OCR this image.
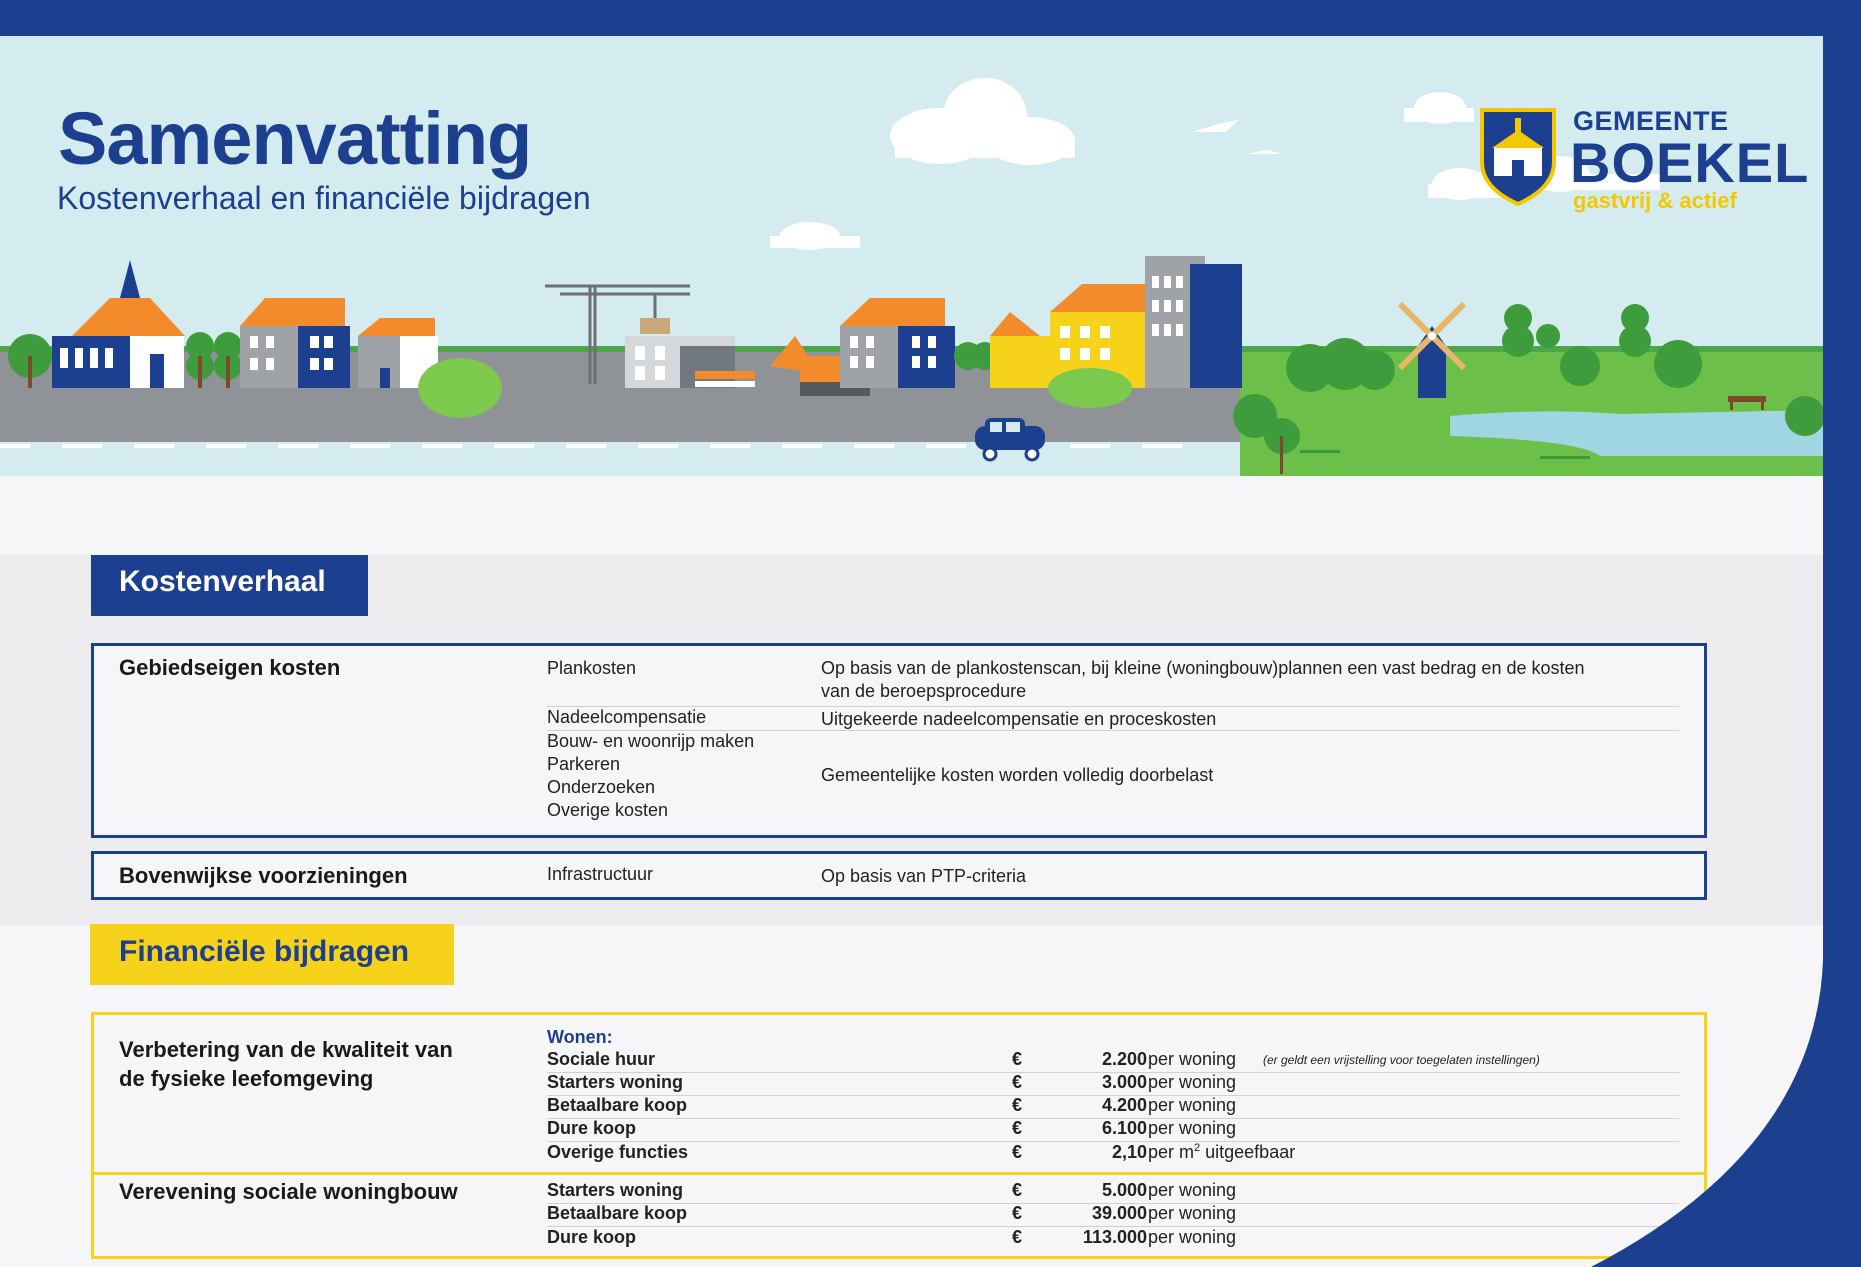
Samenvatting
Kostenverhaal en financiële bijdragen
GEMEENTE
BOEKEL
gastvrij & actief
Kostenverhaal
Gebiedseigen kosten	Plankosten	Op basis van de plankostenscan, bij kleine (woningbouw)plannen een vast bedrag en de kosten van de beroepsprocedure
Nadeelcompensatie	Uitgekeerde nadeelcompensatie en proceskosten
Bouw- en woonrijp maken
Parkeren
Onderzoeken
Overige kosten
Gemeentelijke kosten worden volledig doorbelast
Bovenwijkse voorzieningen	Infrastructuur	Op basis van PTP-criteria
Financiële bijdragen
Verbetering van de kwaliteit van
de fysieke leefomgeving
Wonen:
Sociale huur	€	2.200 per woning (er geldt een vrijstelling voor toegelaten instellingen)
Starters woning	€	3.000 per woning
Betaalbare koop	€	4.200 per woning
Dure koop	€	6.100 per woning
Overige functies	€	2,10 per $m^2$ uitgeefbaar
Verevening sociale woningbouw	Starters woning	€	5.000 per woning
Betaalbare koop	€	39.000 per woning
Dure koop	€	113.000 per woning
